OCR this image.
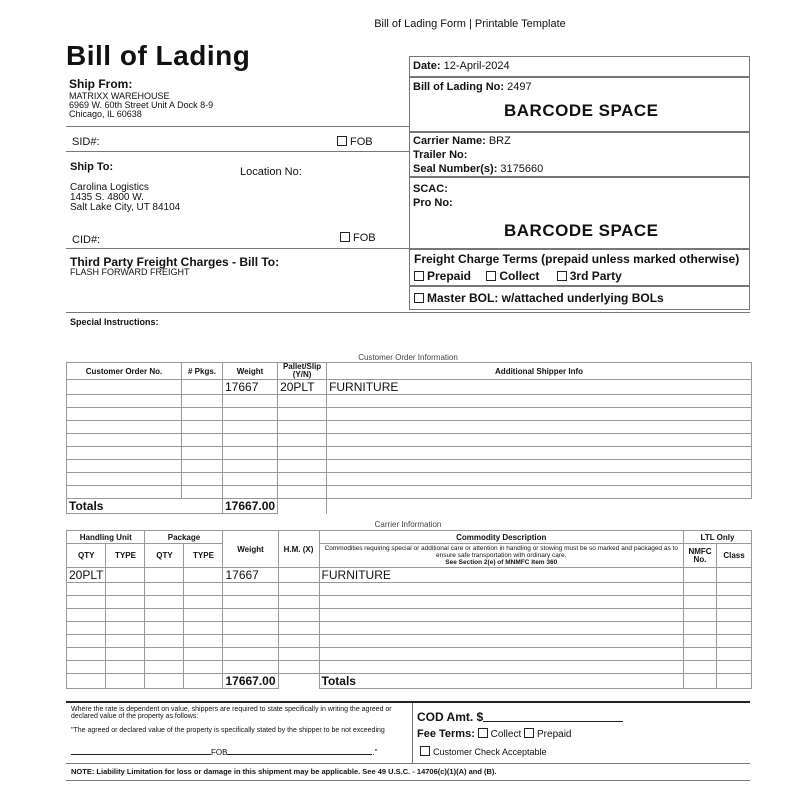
Bill of Lading Form | Printable Template
Bill of Lading	Date: 12-April-2024
Bill of Lading No: 2497
BARCODE SPACE
Carrier Name: BRZ
Trailer No:
Seal Number(s): 3175660
SCAC:
Pro No:
BARCODE SPACE
Freight Charge Terms (prepaid unless marked otherwise)
Prepaid Collect	3rd Party
Master BOL: w/attached underlying BOLs
Ship From:
MATRIXX WAREHOUSE
6969 W. 60th Street Unit A Dock 8-9
Chicago, IL 60638
SID#:	FOB
Ship To:	Location No:
Carolina Logistics
1435 S. 4800 W.
Salt Lake City, UT 84104
CID#:	FOB
Third Party Freight Charges - Bill To:
FLASH FORWARD FREIGHT
Special Instructions:
Customer Order Information
Customer Order No.	# Pkgs.	Weight	Pallet/Slip
(Y/N)	Additional Shipper Info
		17667	20PLT	FURNITURE

Totals		17667.00		
Carrier Information
Handling Unit		Package		Weight	H.M. (X)	Commodity Description	LTL Only	
QTY	TYPE	QTY	TYPE			Commodities requiring special or additional care or attention in handling or stowing must be so marked and packaged as to ensure safe transportation with ordinary care.
See Section 2(e) of MNMFC Item 360	NMFC
No.	Class
20PLT				17667		FURNITURE		

				17667.00		Totals		
Where the rate is dependent on value, shippers are required to state specifically in writing the agreed or declared value of the property as follows:
"The agreed or declared value of the property is specifically stated by the shipper to be not exceeding
FOB	."
COD Amt. $
Fee Terms: Collect Prepaid
Customer Check Acceptable
NOTE: Liability Limitation for loss or damage in this shipment may be applicable. See 49 U.S.C. - 14706(c)(1)(A) and (B).
